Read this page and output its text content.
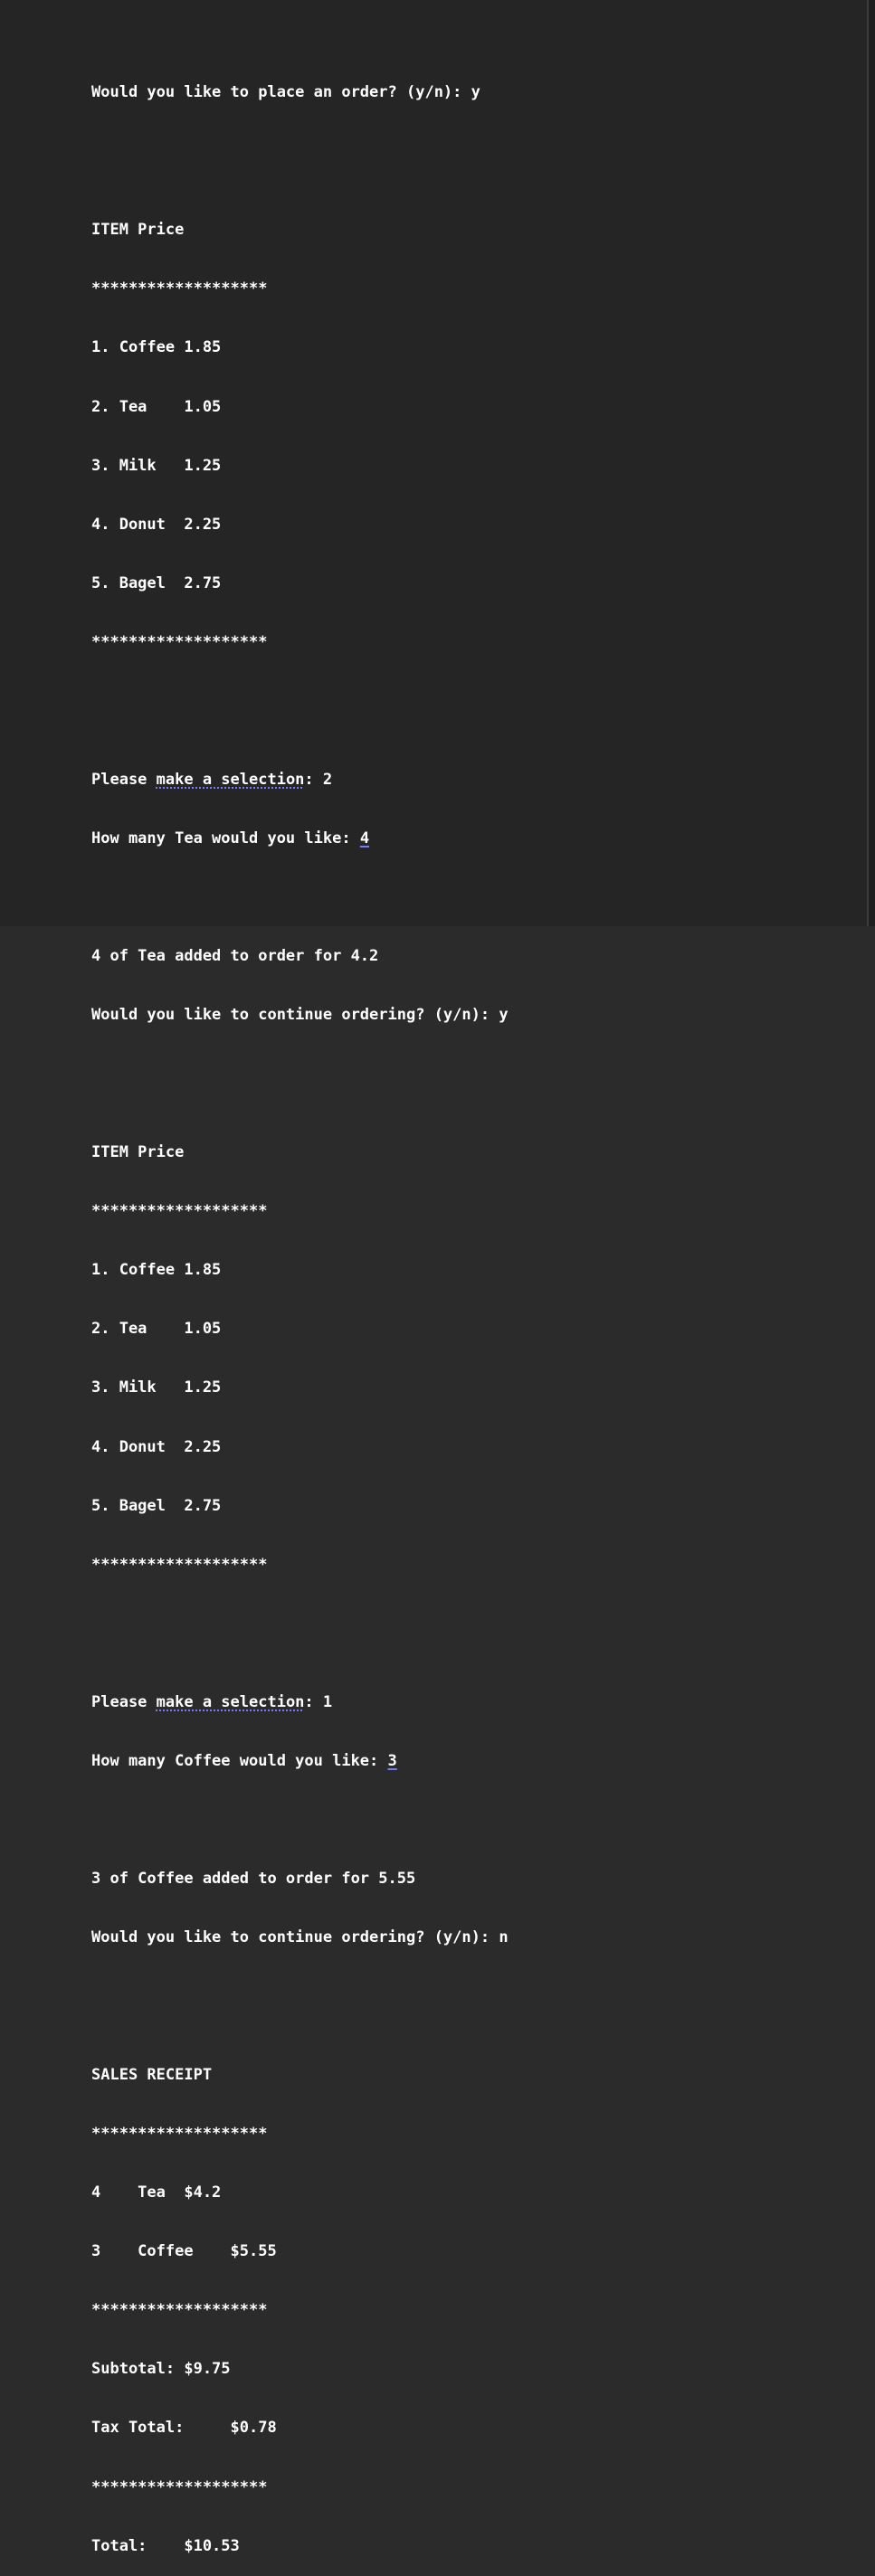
Would you like to place an order? (y/n): y

ITEM Price

*******************

1. Coffee 1.85

2. Tea    1.05

3. Milk   1.25

4. Donut  2.25

5. Bagel  2.75

*******************

Please make a selection: 2

How many Tea would you like: 4

4 of Tea added to order for 4.2

Would you like to continue ordering? (y/n): y

ITEM Price

*******************

1. Coffee 1.85

2. Tea    1.05

3. Milk   1.25

4. Donut  2.25

5. Bagel  2.75

*******************

Please make a selection: 1

How many Coffee would you like: 3

3 of Coffee added to order for 5.55

Would you like to continue ordering? (y/n): n

SALES RECEIPT

*******************

4    Tea  $4.2

3    Coffee    $5.55

*******************

Subtotal: $9.75

Tax Total:     $0.78

*******************

Total:    $10.53
